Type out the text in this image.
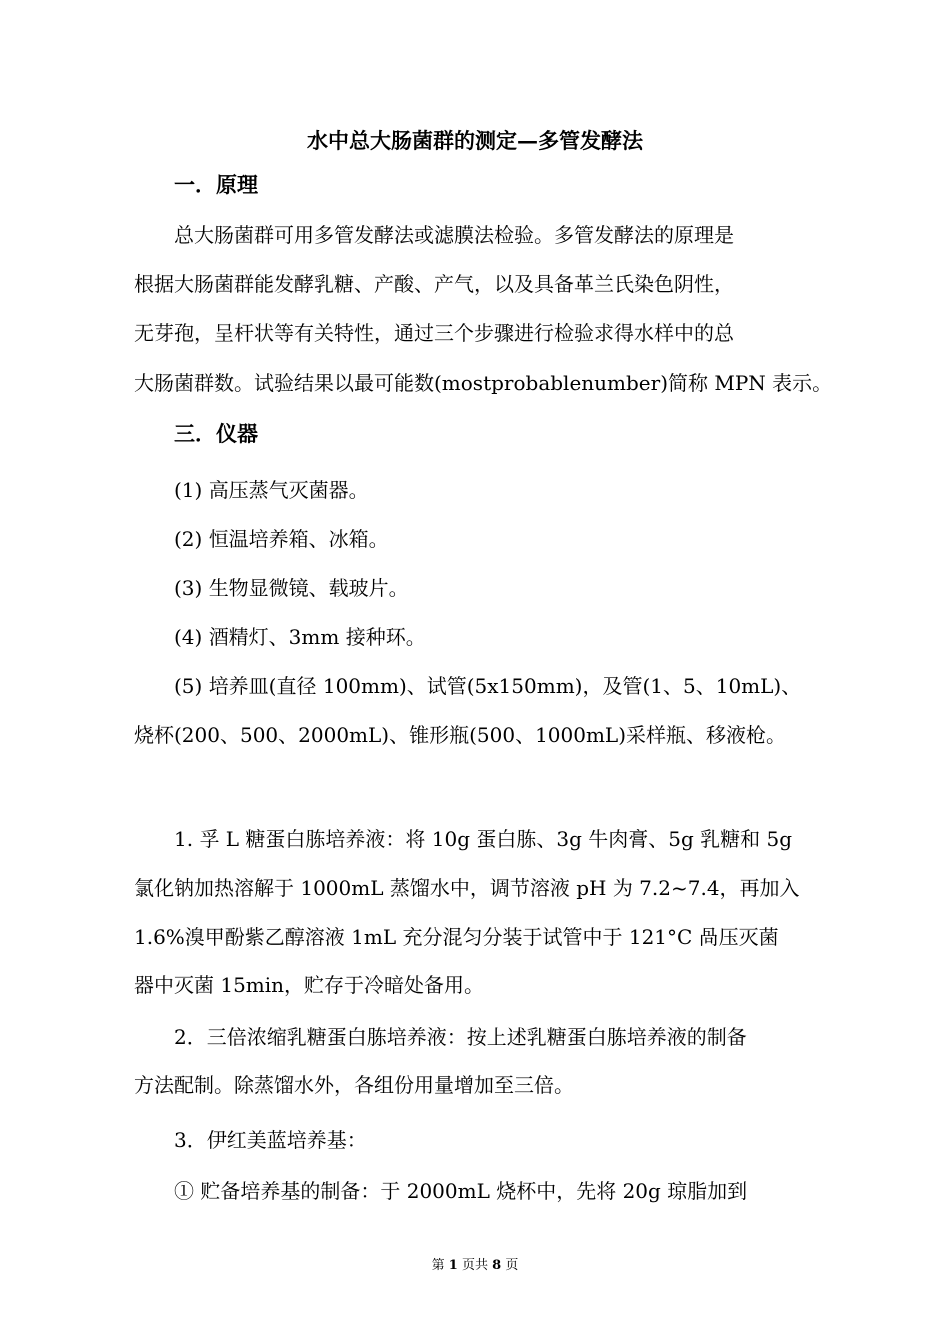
水中总大肠菌群的测定—多管发酵法
一．原理
总大肠菌群可用多管发酵法或滤膜法检验。多管发酵法的原理是
根据大肠菌群能发酵乳糖、产酸、产气，以及具备革兰氏染色阴性，
无芽孢，呈杆状等有关特性，通过三个步骤进行检验求得水样中的总
大肠菌群数。试验结果以最可能数(mostprobablenumber)简称 MPN 表示。
三．仪器
(1) 高压蒸气灭菌器。
(2) 恒温培养箱、冰箱。
(3) 生物显微镜、载玻片。
(4) 酒精灯、3mm 接种环。
(5) 培养皿(直径 100mm)、试管(5x150mm)，及管(1、5、10mL)、
烧杯(200、500、2000mL)、锥形瓶(500、1000mL)采样瓶、移液枪。
1. 孚 L 糖蛋白胨培养液：将 10g 蛋白胨、3g 牛肉膏、5g 乳糖和 5g
氯化钠加热溶解于 1000mL 蒸馏水中，调节溶液 pH 为 7.2~7.4，再加入
1.6%溴甲酚紫乙醇溶液 1mL 充分混匀分装于试管中于 121°C 咼压灭菌
器中灭菌 15min，贮存于冷暗处备用。
2．三倍浓缩乳糖蛋白胨培养液：按上述乳糖蛋白胨培养液的制备
方法配制。除蒸馏水外，各组份用量增加至三倍。
3．伊红美蓝培养基：
① 贮备培养基的制备：于 2000mL 烧杯中，先将 20g 琼脂加到
第 1 页共 8 页
